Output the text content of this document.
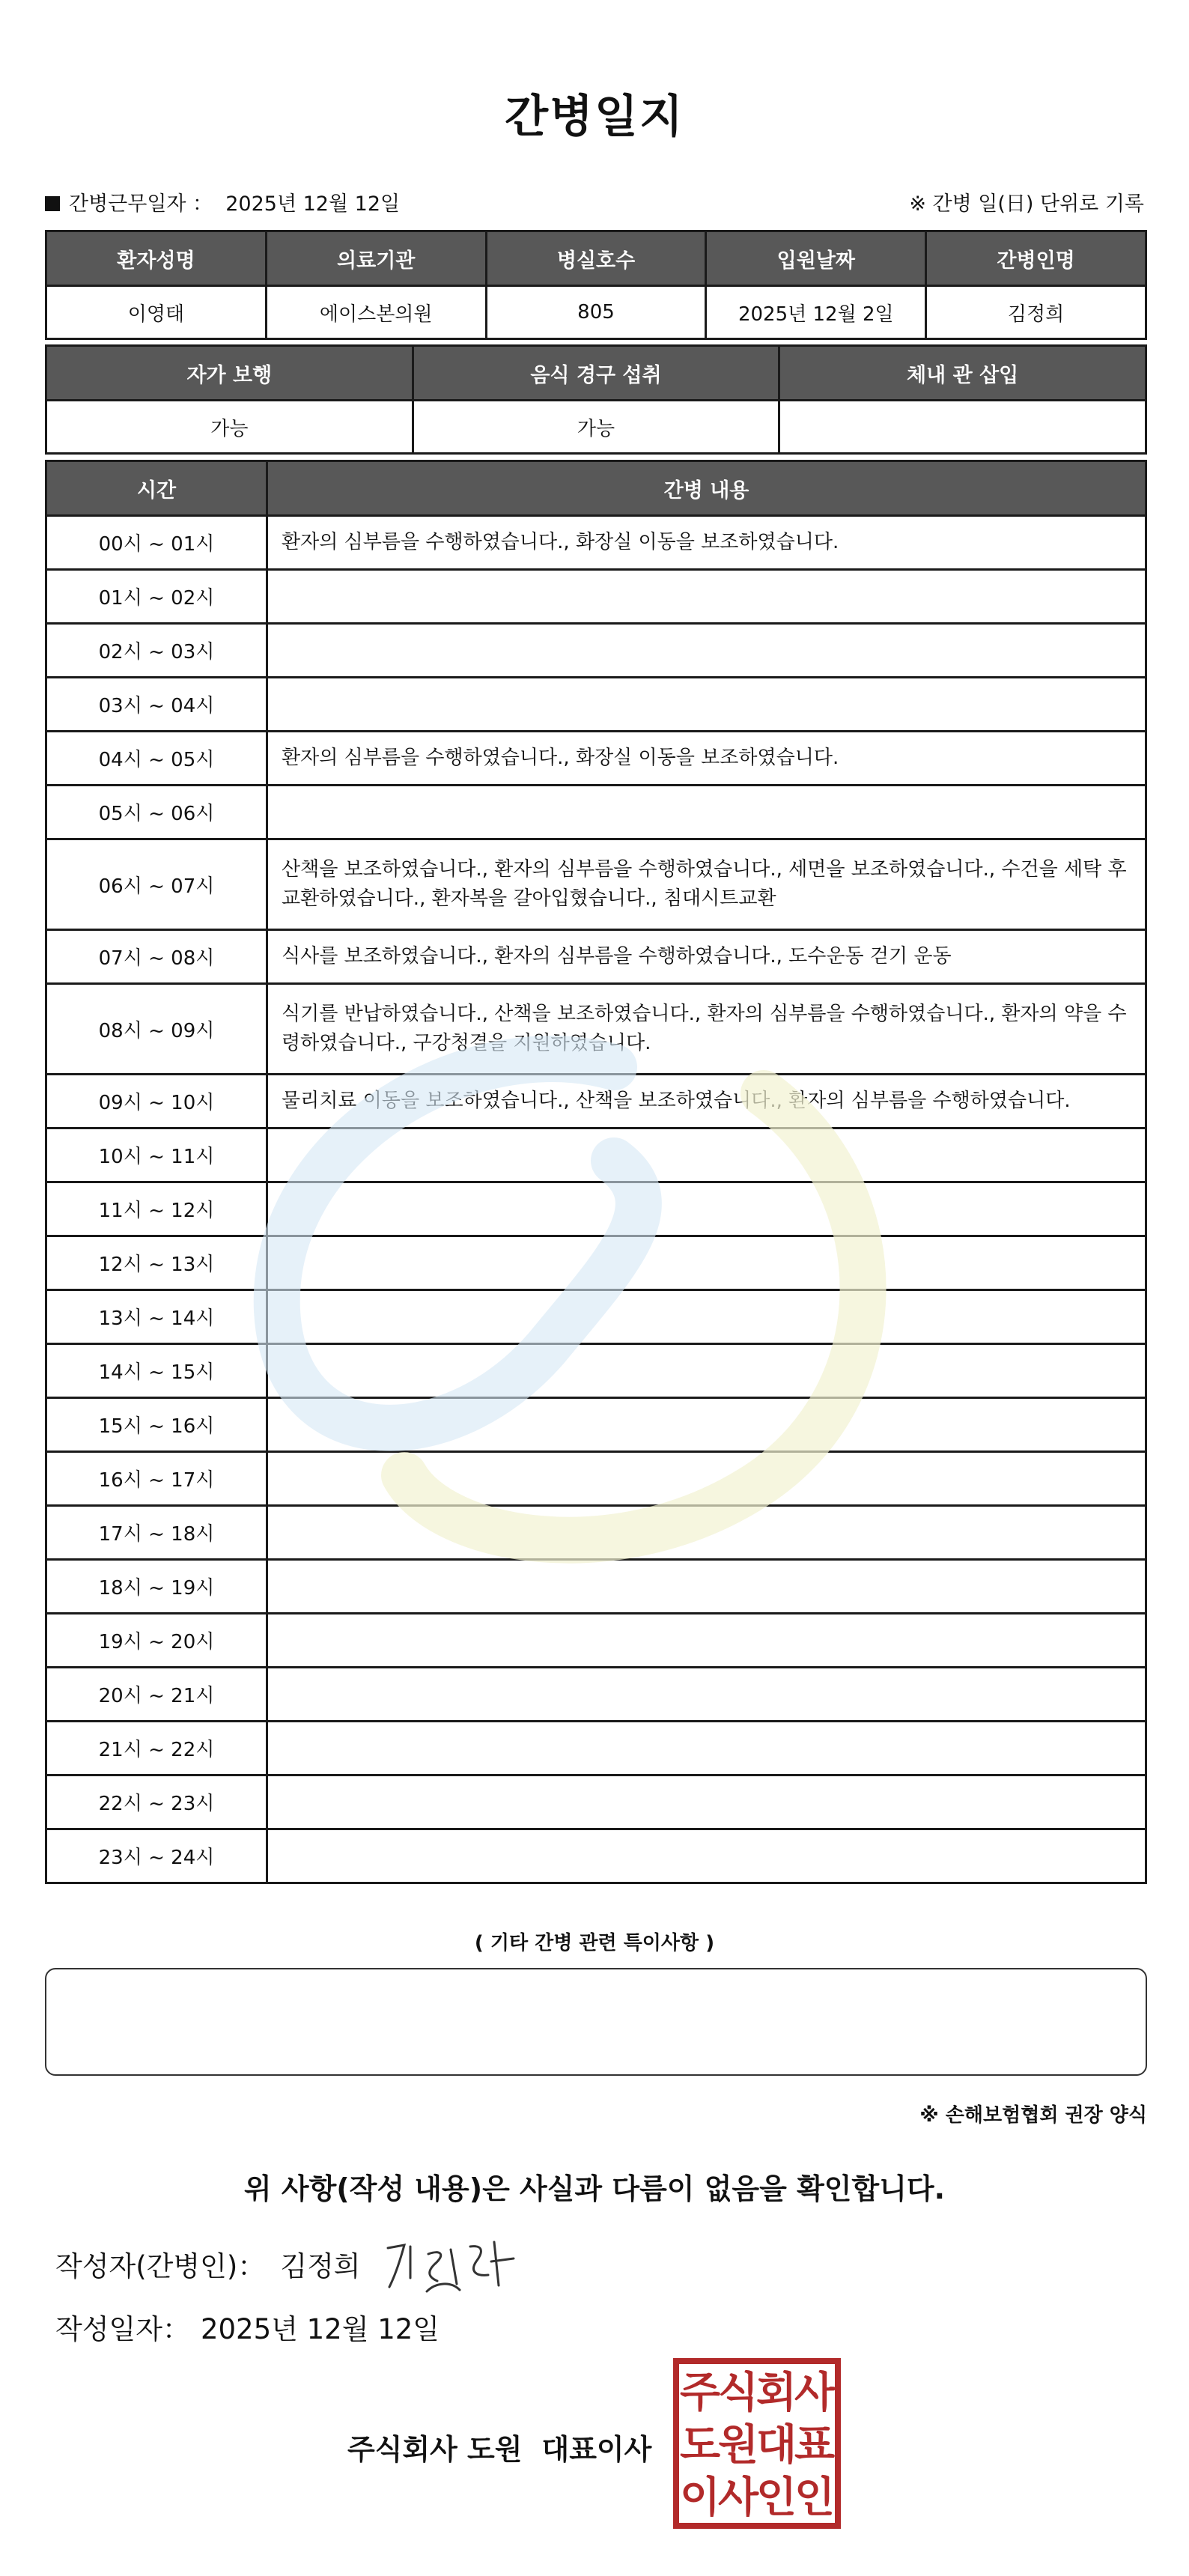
간병일지
간병근무일자 ： 2025년 12월 12일	※ 간병 일(日) 단위로 기록
환자성명	의료기관	병실호수	입원날짜	간병인명
이영태	에이스본의원	805	2025년 12월 2일	김정희
자가 보행	음식 경구 섭취	체내 관 삽입
가능	가능	
시간	간병 내용
00시 ~ 01시	환자의 심부름을 수행하였습니다., 화장실 이동을 보조하였습니다.
01시 ~ 02시	
02시 ~ 03시	
03시 ~ 04시	
04시 ~ 05시	환자의 심부름을 수행하였습니다., 화장실 이동을 보조하였습니다.
05시 ~ 06시	
06시 ~ 07시	산책을 보조하였습니다., 환자의 심부름을 수행하였습니다., 세면을 보조하였습니다., 수건을 세탁 후 교환하였습니다., 환자복을 갈아입혔습니다., 침대시트교환
07시 ~ 08시	식사를 보조하였습니다., 환자의 심부름을 수행하였습니다., 도수운동 걷기 운동
08시 ~ 09시	식기를 반납하였습니다., 산책을 보조하였습니다., 환자의 심부름을 수행하였습니다., 환자의 약을 수령하였습니다., 구강청결을 지원하였습니다.
09시 ~ 10시	물리치료 이동을 보조하였습니다., 산책을 보조하였습니다., 환자의 심부름을 수행하였습니다.
10시 ~ 11시	
11시 ~ 12시	
12시 ~ 13시	
13시 ~ 14시	
14시 ~ 15시	
15시 ~ 16시	
16시 ~ 17시	
17시 ~ 18시	
18시 ~ 19시	
19시 ~ 20시	
20시 ~ 21시	
21시 ~ 22시	
22시 ~ 23시	
23시 ~ 24시	
( 기타 간병 관련 특이사항 )
※ 손해보험협회 권장 양식
위 사항(작성 내용)은 사실과 다름이 없음을 확인합니다.
작성자(간병인)： 김정희
작성일자： 2025년 12월 12일
주식회사 도원 대표이사
주
식
회
사
도
원
대
표
이
사
인
인
